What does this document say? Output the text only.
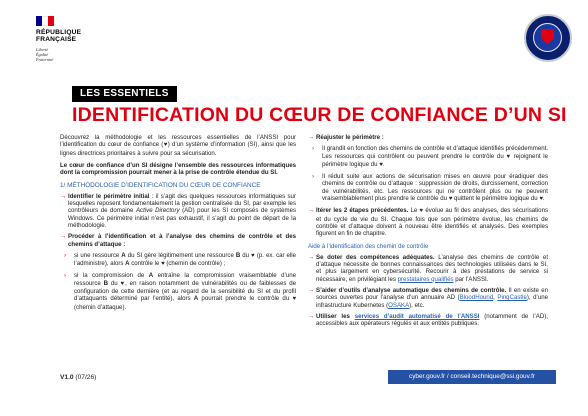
RÉPUBLIQUE
FRANÇAISE
Liberté
Égalité
Fraternité
LES ESSENTIELS
IDENTIFICATION DU CŒUR DE CONFIANCE D’UN SI

Découvrez la méthodologie et les ressources essentielles de l’ANSSI pour l’identification du cœur de confiance (♥) d’un système d’information (SI), ainsi que les lignes directrices prioritaires à suivre pour sa sécurisation.

Le cœur de confiance d’un SI désigne l’ensemble des ressources informatiques dont la compromission pourrait mener à la prise de contrôle étendue du SI.

1/ MÉTHODOLOGIE D’IDENTIFICATION DU CŒUR DE CONFIANCE
→ Identifier le périmètre initial : il s’agit des quelques ressources informatiques sur lesquelles reposent fondamentalement la gestion centralisée du SI, par exemple les contrôleurs de domaine Active Directory (AD) pour les SI composés de systèmes Windows. Ce périmètre initial n’est pas exhaustif, il s’agit du point de départ de la méthodologie.
→ Procéder à l’identification et à l’analyse des chemins de contrôle et des chemins d’attaque :
› si une ressource A du SI gère légitimement une ressource B du ♥ (p. ex. car elle l’administre), alors A contrôle le ♥ (chemin de contrôle) ;
› si la compromission de A entraîne la compromission vraisemblable d’une ressource B du ♥, en raison notamment de vulnérabilités ou de faiblesses de configuration de cette dernière (et au regard de la sensibilité du SI et du profil d’attaquants déterminé par l’entité), alors A pourrait prendre le contrôle du ♥ (chemin d’attaque).
→ Réajuster le périmètre :
› Il grandit en fonction des chemins de contrôle et d’attaque identifiés précédemment. Les ressources qui contrôlent ou peuvent prendre le contrôle du ♥ rejoignent le périmètre logique du ♥.
› Il réduit suite aux actions de sécurisation mises en œuvre pour éradiquer des chemins de contrôle ou d’attaque : suppression de droits, durcissement, correction de vulnérabilités, etc. Les ressources qui ne contrôlent plus ou ne peuvent vraisemblablement plus prendre le contrôle du ♥ quittent le périmètre logique du ♥.
→ Itérer les 2 étapes précédentes. Le ♥ évolue au fil des analyses, des sécurisations et du cycle de vie du SI. Chaque fois que son périmètre évolue, les chemins de contrôle et d’attaque doivent à nouveau être identifiés et analysés. Des exemples figurent en fin de chapitre.
Aide à l’identification des chemin de contrôle
→ Se doter des compétences adéquates. L’analyse des chemins de contrôle et d’attaque nécessite de bonnes connaissances des technologies utilisées dans le SI, et plus largement en cybersécurité. Recourir à des prestations de service si nécessaire, en privilégiant les prestataires qualifiés par l’ANSSI.
→ S’aider d’outils d’analyse automatique des chemins de contrôle. Il en existe en sources ouvertes pour l’analyse d’un annuaire AD (BloodHound, PingCastle), d’une infrastructure Kubernetes (OSAKA), etc.
→ Utiliser les services d’audit automatisé de l’ANSSI (notamment de l’AD), accessibles aux opérateurs régulés et aux entités publiques.
V1.0 (07/26)	cyber.gouv.fr / conseil.technique@ssi.gouv.fr
